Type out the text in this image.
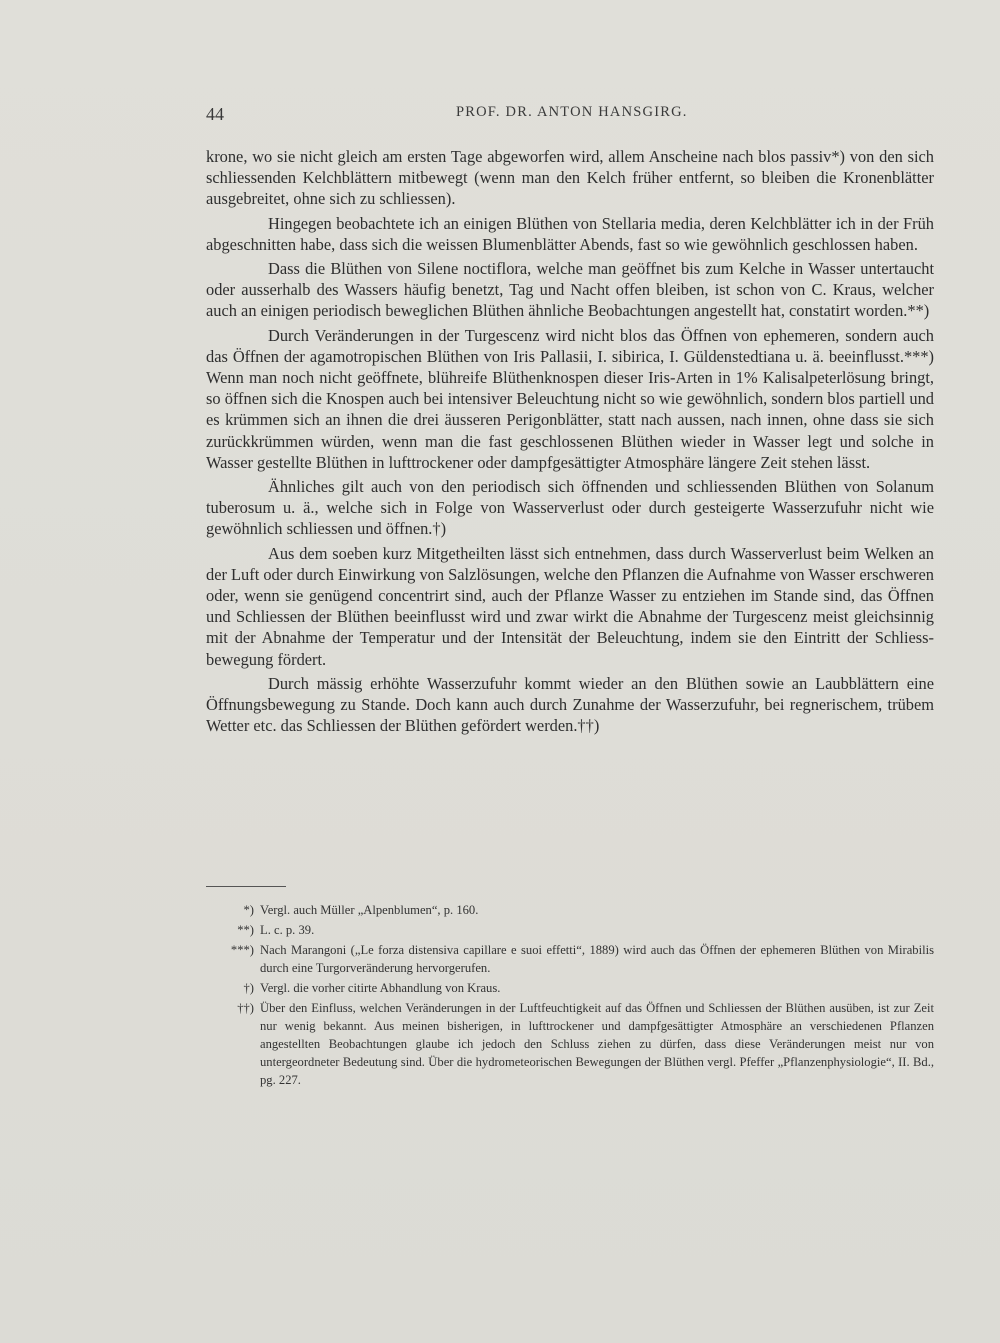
44	PROF. DR. ANTON HANSGIRG.

krone, wo sie nicht gleich am ersten Tage abgeworfen wird, allem Anscheine nach blos passiv*) von den sich schliessenden Kelchblättern mitbewegt (wenn man den Kelch früher entfernt, so bleiben die Kronenblätter ausgebreitet, ohne sich zu schliessen).

Hingegen beobachtete ich an einigen Blüthen von Stellaria media, deren Kelchblätter ich in der Früh abgeschnitten habe, dass sich die weissen Blumenblätter Abends, fast so wie gewöhnlich geschlossen haben.

Dass die Blüthen von Silene noctiflora, welche man geöffnet bis zum Kelche in Wasser untertaucht oder ausserhalb des Wassers häufig benetzt, Tag und Nacht offen bleiben, ist schon von C. Kraus, welcher auch an einigen periodisch beweglichen Blüthen ähnliche Beobachtungen angestellt hat, constatirt worden.**)

Durch Veränderungen in der Turgescenz wird nicht blos das Öffnen von ephemeren, sondern auch das Öffnen der agamotropischen Blüthen von Iris Pallasii, I. sibirica, I. Güldenstedtiana u. ä. beeinflusst.***) Wenn man noch nicht geöffnete, blühreife Blüthenknospen dieser Iris-Arten in 1% Kalisalpeterlösung bringt, so öffnen sich die Knospen auch bei intensiver Beleuchtung nicht so wie gewöhnlich, sondern blos partiell und es krümmen sich an ihnen die drei äusseren Perigonblätter, statt nach aussen, nach innen, ohne dass sie sich zurückkrümmen würden, wenn man die fast geschlossenen Blüthen wieder in Wasser legt und solche in Wasser gestellte Blüthen in lufttrockener oder dampfgesättigter Atmosphäre längere Zeit stehen lässt.

Ähnliches gilt auch von den periodisch sich öffnenden und schliessenden Blüthen von Solanum tuberosum u. ä., welche sich in Folge von Wasserverlust oder durch gesteigerte Wasserzufuhr nicht wie gewöhnlich schliessen und öffnen.†)

Aus dem soeben kurz Mitgetheilten lässt sich entnehmen, dass durch Wasserverlust beim Welken an der Luft oder durch Einwirkung von Salzlösungen, welche den Pflanzen die Aufnahme von Wasser erschweren oder, wenn sie genügend concentrirt sind, auch der Pflanze Wasser zu entziehen im Stande sind, das Öffnen und Schliessen der Blüthen beeinflusst wird und zwar wirkt die Abnahme der Turgescenz meist gleichsinnig mit der Abnahme der Temperatur und der Intensität der Beleuchtung, indem sie den Eintritt der Schliessbewegung fördert.

Durch mässig erhöhte Wasserzufuhr kommt wieder an den Blüthen sowie an Laubblättern eine Öffnungsbewegung zu Stande. Doch kann auch durch Zunahme der Wasserzufuhr, bei regnerischem, trübem Wetter etc. das Schliessen der Blüthen gefördert werden.††)

*) Vergl. auch Müller „Alpenblumen“, p. 160.
**) L. c. p. 39.
***) Nach Marangoni („Le forza distensiva capillare e suoi effetti“, 1889) wird auch das Öffnen der ephemeren Blüthen von Mirabilis durch eine Turgorveränderung hervorgerufen.
†) Vergl. die vorher citirte Abhandlung von Kraus.
††) Über den Einfluss, welchen Veränderungen in der Luftfeuchtigkeit auf das Öffnen und Schliessen der Blüthen ausüben, ist zur Zeit nur wenig bekannt. Aus meinen bisherigen, in lufttrockener und dampfgesättigter Atmosphäre an verschiedenen Pflanzen angestellten Beobachtungen glaube ich jedoch den Schluss ziehen zu dürfen, dass diese Veränderungen meist nur von untergeordneter Bedeutung sind. Über die hydrometeorischen Bewegungen der Blüthen vergl. Pfeffer „Pflanzenphysiologie“, II. Bd., pg. 227.
